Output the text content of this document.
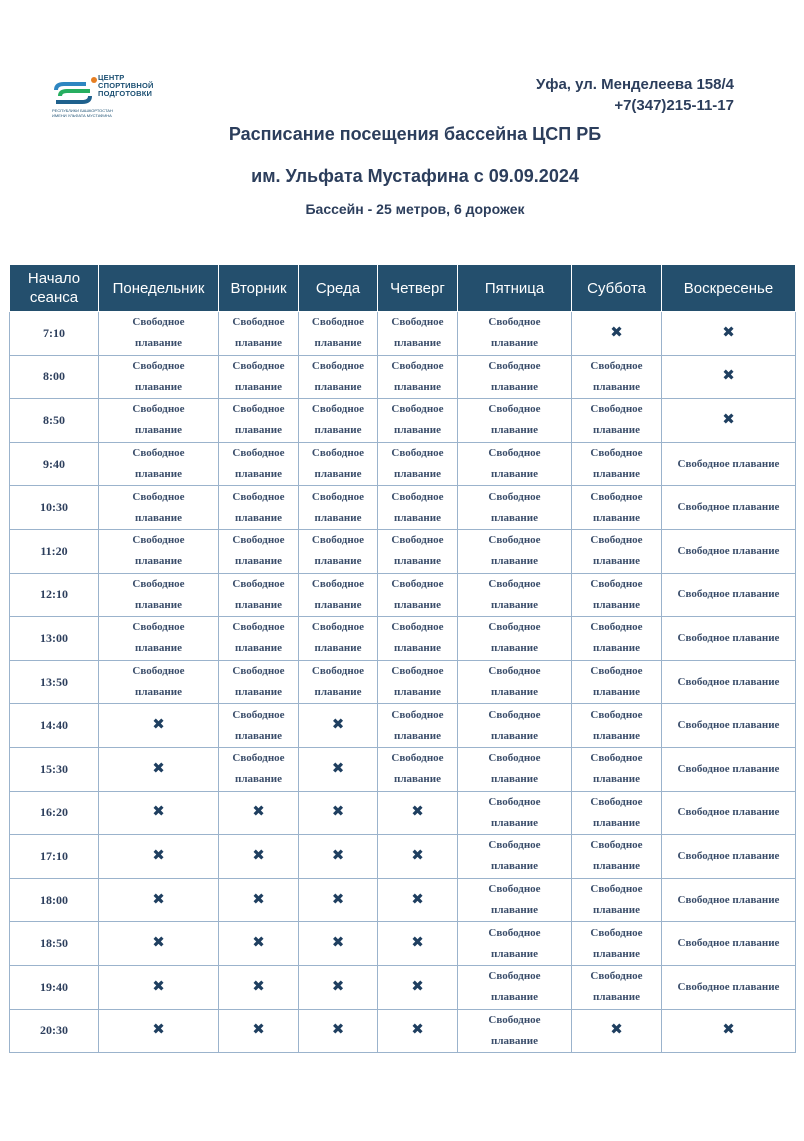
ЦЕНТР
СПОРТИВНОЙ
ПОДГОТОВКИ
РЕСПУБЛИКИ БАШКОРТОСТАН
ИМЕНИ УЛЬФАТА МУСТАФИНА
Уфа, ул. Менделеева 158/4
+7(347)215-11-17
Расписание посещения бассейна ЦСП РБ
им. Ульфата Мустафина с 09.09.2024
Бассейн - 25 метров, 6 дорожек
Начало сеанса	Понедельник	Вторник	Среда	Четверг	Пятница	Суббота	Воскресенье
7:10	Свободное
плавание	Свободное
плавание	Свободное
плавание	Свободное
плавание	Свободное
плавание	✖	✖
8:00	Свободное
плавание	Свободное
плавание	Свободное
плавание	Свободное
плавание	Свободное
плавание	Свободное
плавание	✖
8:50	Свободное
плавание	Свободное
плавание	Свободное
плавание	Свободное
плавание	Свободное
плавание	Свободное
плавание	✖
9:40	Свободное
плавание	Свободное
плавание	Свободное
плавание	Свободное
плавание	Свободное
плавание	Свободное
плавание	Свободное плавание
10:30	Свободное
плавание	Свободное
плавание	Свободное
плавание	Свободное
плавание	Свободное
плавание	Свободное
плавание	Свободное плавание
11:20	Свободное
плавание	Свободное
плавание	Свободное
плавание	Свободное
плавание	Свободное
плавание	Свободное
плавание	Свободное плавание
12:10	Свободное
плавание	Свободное
плавание	Свободное
плавание	Свободное
плавание	Свободное
плавание	Свободное
плавание	Свободное плавание
13:00	Свободное
плавание	Свободное
плавание	Свободное
плавание	Свободное
плавание	Свободное
плавание	Свободное
плавание	Свободное плавание
13:50	Свободное
плавание	Свободное
плавание	Свободное
плавание	Свободное
плавание	Свободное
плавание	Свободное
плавание	Свободное плавание
14:40	✖	Свободное
плавание	✖	Свободное
плавание	Свободное
плавание	Свободное
плавание	Свободное плавание
15:30	✖	Свободное
плавание	✖	Свободное
плавание	Свободное
плавание	Свободное
плавание	Свободное плавание
16:20	✖	✖	✖	✖	Свободное
плавание	Свободное
плавание	Свободное плавание
17:10	✖	✖	✖	✖	Свободное
плавание	Свободное
плавание	Свободное плавание
18:00	✖	✖	✖	✖	Свободное
плавание	Свободное
плавание	Свободное плавание
18:50	✖	✖	✖	✖	Свободное
плавание	Свободное
плавание	Свободное плавание
19:40	✖	✖	✖	✖	Свободное
плавание	Свободное
плавание	Свободное плавание
20:30	✖	✖	✖	✖	Свободное
плавание	✖	✖
